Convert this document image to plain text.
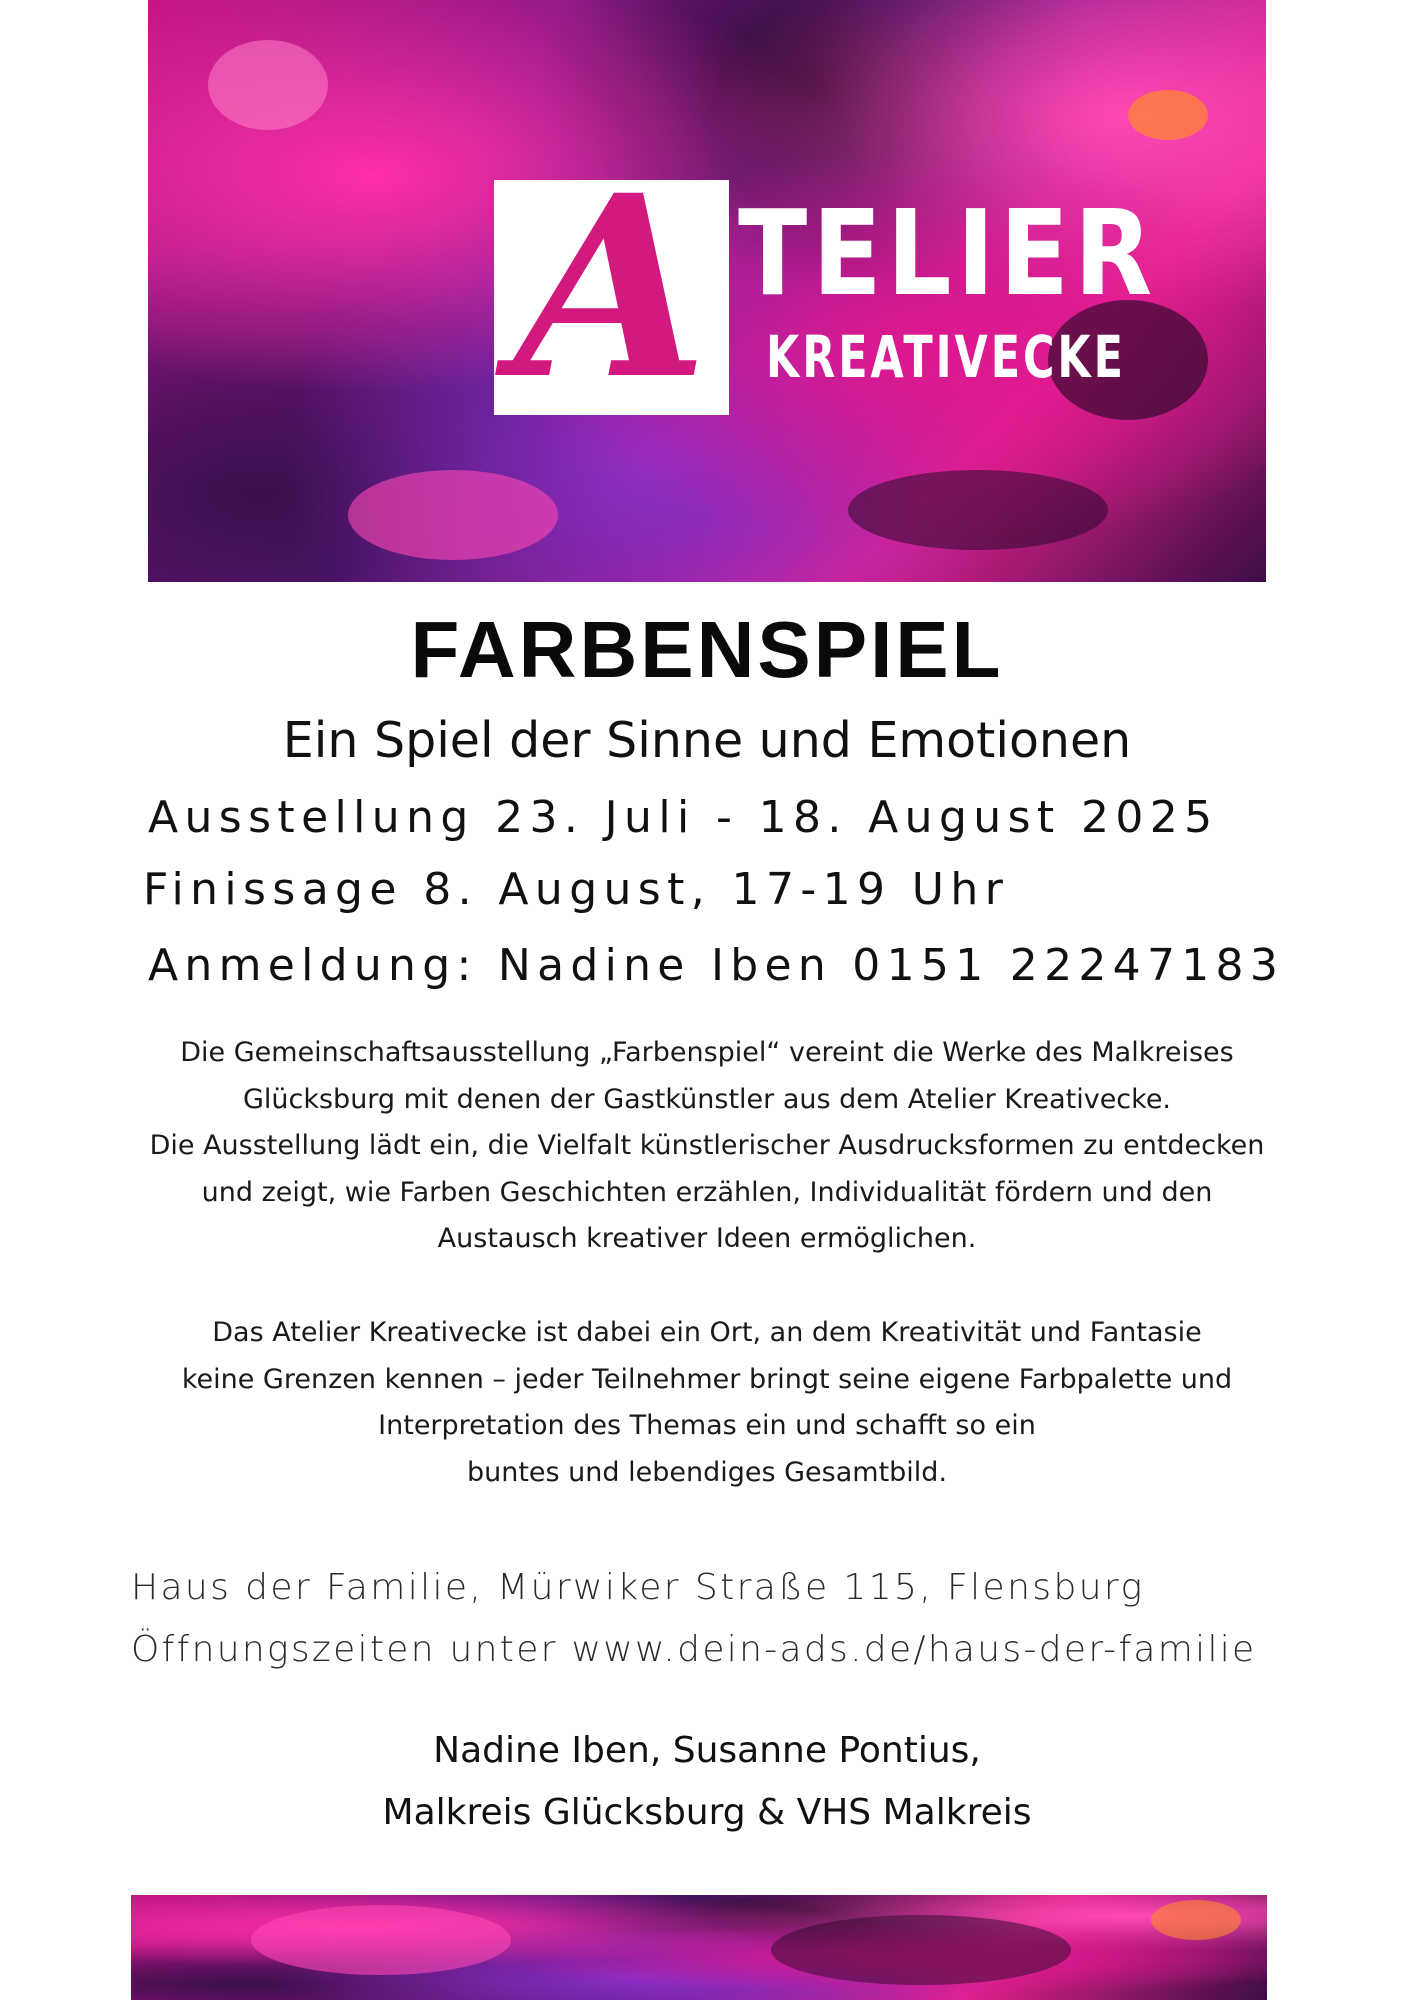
A TELIER
KREATIVECKE
FARBENSPIEL
Ein Spiel der Sinne und Emotionen
Ausstellung 23. Juli - 18. August 2025
Finissage 8. August, 17-19 Uhr
Anmeldung: Nadine Iben 0151 22247183

Die Gemeinschaftsausstellung „Farbenspiel“ vereint die Werke des Malkreises
Glücksburg mit denen der Gastkünstler aus dem Atelier Kreativecke.
Die Ausstellung lädt ein, die Vielfalt künstlerischer Ausdrucksformen zu entdecken
und zeigt, wie Farben Geschichten erzählen, Individualität fördern und den
Austausch kreativer Ideen ermöglichen.

Das Atelier Kreativecke ist dabei ein Ort, an dem Kreativität und Fantasie
keine Grenzen kennen – jeder Teilnehmer bringt seine eigene Farbpalette und
Interpretation des Themas ein und schafft so ein
buntes und lebendiges Gesamtbild.

Haus der Familie, Mürwiker Straße 115, Flensburg
Öffnungszeiten unter www.dein-ads.de/haus-der-familie
Nadine Iben, Susanne Pontius,
Malkreis Glücksburg & VHS Malkreis
